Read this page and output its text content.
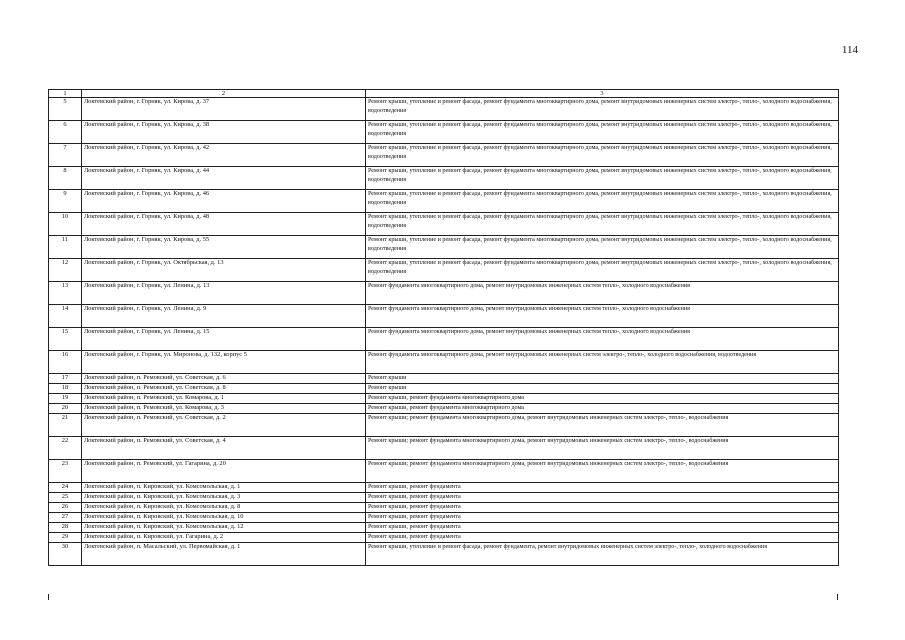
114
1	2	3
5	Локтевский район, г. Горняк, ул. Кирова, д. 37	Ремонт крыши, утепление и ремонт фасада, ремонт фундамента многоквартирного дома, ремонт внутридомовых инженерных систем электро-, тепло-, холодного водоснабжения, водоотведения
6	Локтевский район, г. Горняк, ул. Кирова, д. 38	Ремонт крыши, утепление и ремонт фасада, ремонт фундамента многоквартирного дома, ремонт внутридомовых инженерных систем электро-, тепло-, холодного водоснабжения, водоотведения
7	Локтевский район, г. Горняк, ул. Кирова, д. 42	Ремонт крыши, утепление и ремонт фасада, ремонт фундамента многоквартирного дома, ремонт внутридомовых инженерных систем электро-, тепло-, холодного водоснабжения, водоотведения
8	Локтевский район, г. Горняк, ул. Кирова, д. 44	Ремонт крыши, утепление и ремонт фасада, ремонт фундамента многоквартирного дома, ремонт внутридомовых инженерных систем электро-, тепло-, холодного водоснабжения, водоотведения
9	Локтевский район, г. Горняк, ул. Кирова, д. 46	Ремонт крыши, утепление и ремонт фасада, ремонт фундамента многоквартирного дома, ремонт внутридомовых инженерных систем электро-, тепло-, холодного водоснабжения, водоотведения
10	Локтевский район, г. Горняк, ул. Кирова, д. 48	Ремонт крыши, утепление и ремонт фасада, ремонт фундамента многоквартирного дома, ремонт внутридомовых инженерных систем электро-, тепло-, холодного водоснабжения, водоотведения
11	Локтевский район, г. Горняк, ул. Кирова, д. 55	Ремонт крыши, утепление и ремонт фасада, ремонт фундамента многоквартирного дома, ремонт внутридомовых инженерных систем электро-, тепло-, холодного водоснабжения, водоотведения
12	Локтевский район, г. Горняк, ул. Октябрьская, д. 13	Ремонт крыши, утепление и ремонт фасада, ремонт фундамента многоквартирного дома, ремонт внутридомовых инженерных систем электро-, тепло-, холодного водоснабжения, водоотведения
13	Локтевский район, г. Горняк, ул. Ленина, д. 13	Ремонт фундамента многоквартирного дома, ремонт внутридомовых инженерных систем тепло-, холодного водоснабжения
14	Локтевский район, г. Горняк, ул. Ленина, д. 9	Ремонт фундамента многоквартирного дома, ремонт внутридомовых инженерных систем тепло-, холодного водоснабжения
15	Локтевский район, г. Горняк, ул. Ленина, д. 15	Ремонт фундамента многоквартирного дома, ремонт внутридомовых инженерных систем тепло-, холодного водоснабжения
16	Локтевский район, г. Горняк, ул. Миронова, д. 132, корпус 5	Ремонт фундамента многоквартирного дома, ремонт внутридомовых инженерных систем электро-, тепло-, холодного водоснабжения, водоотведения
17	Локтевский район, п. Ремовский, ул. Советская, д. 6	Ремонт крыши
18	Локтевский район, п. Ремовский, ул. Советская, д. 8	Ремонт крыши
19	Локтевский район, п. Ремовский, ул. Комарова, д. 1	Ремонт крыши, ремонт фундамента многоквартирного дома
20	Локтевский район, п. Ремовский, ул. Комарова, д. 3	Ремонт крыши, ремонт фундамента многоквартирного дома
21	Локтевский район, п. Ремовский, ул. Советская, д. 2	Ремонт крыши; ремонт фундамента многоквартирного дома, ремонт внутридомовых инженерных систем электро-, тепло-, водоснабжения
22	Локтевский район, п. Ремовский, ул. Советская, д. 4	Ремонт крыши; ремонт фундамента многоквартирного дома, ремонт внутридомовых инженерных систем электро-, тепло-, водоснабжения
23	Локтевский район, п. Ремовский, ул. Гагарина, д. 20	Ремонт крыши; ремонт фундамента многоквартирного дома, ремонт внутридомовых инженерных систем электро-, тепло-, водоснабжения
24	Локтевский район, п. Кировский, ул. Комсомольская, д. 1	Ремонт крыши, ремонт фундамента
25	Локтевский район, п. Кировский, ул. Комсомольская, д. 3	Ремонт крыши, ремонт фундамента
26	Локтевский район, п. Кировский, ул. Комсомольская, д. 8	Ремонт крыши, ремонт фундамента
27	Локтевский район, п. Кировский, ул. Комсомольская, д. 10	Ремонт крыши, ремонт фундамента
28	Локтевский район, п. Кировский, ул. Комсомольская, д. 12	Ремонт крыши, ремонт фундамента
29	Локтевский район, п. Кировский, ул. Гагарина, д. 2	Ремонт крыши, ремонт фундамента
30	Локтевский район, п. Масальский, ул. Первомайская, д. 1	Ремонт крыши, утепление и ремонт фасада, ремонт фундамента, ремонт внутридомовых инженерных систем электро-, тепло-, холодного водоснабжения
